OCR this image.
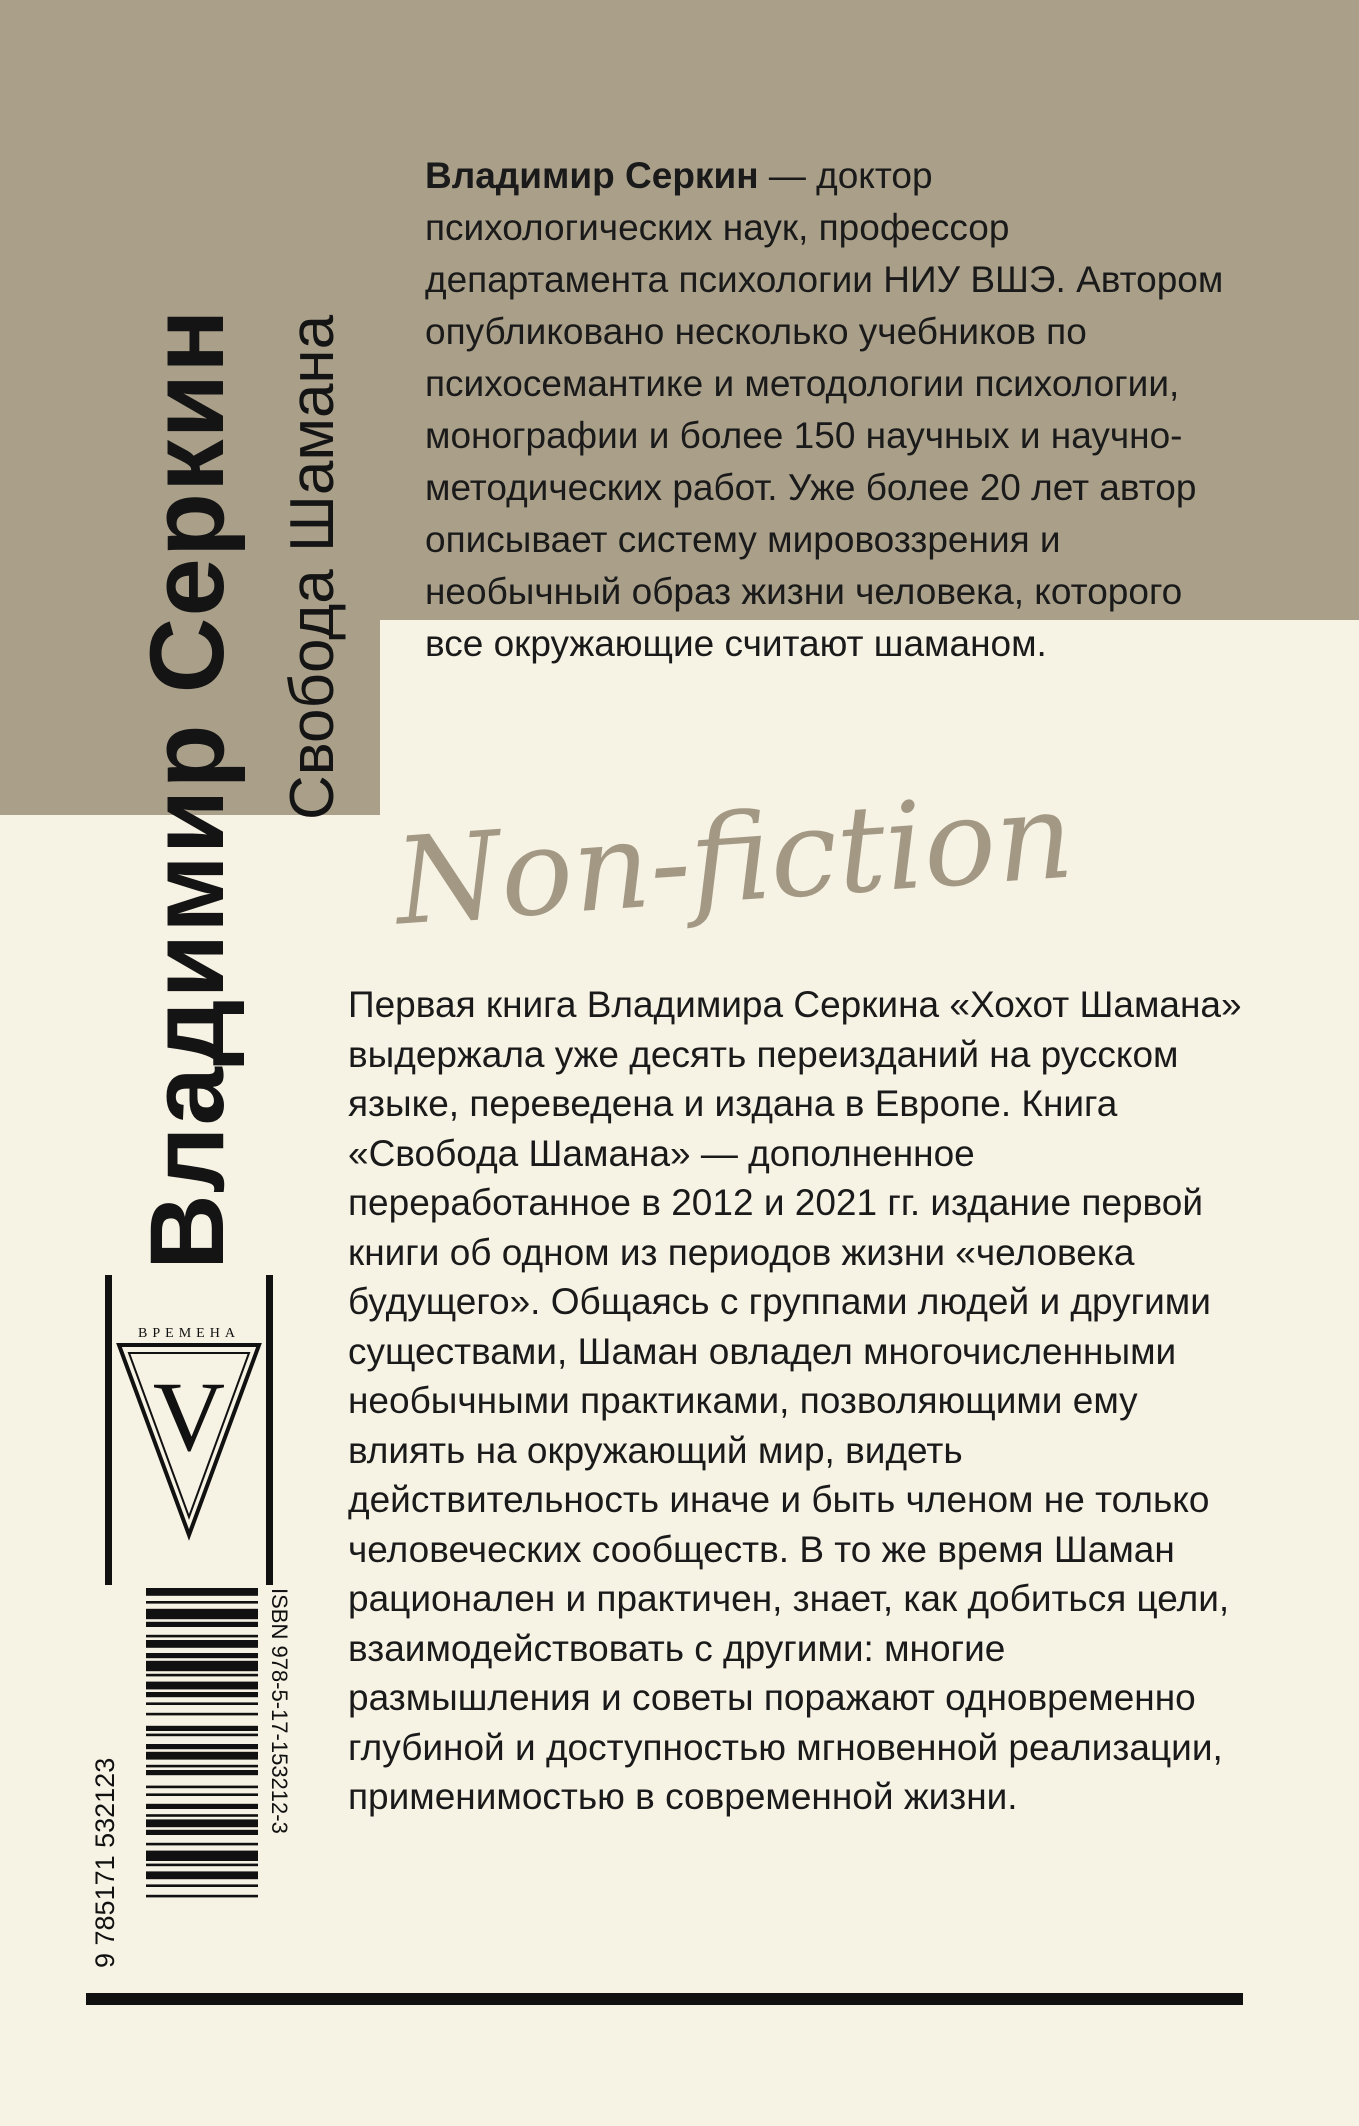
Владимир Серкин Свобода Шамана
Владимир Серкин — доктор психологических наук, профессор департамента психологии НИУ ВШЭ. Автором опубликовано несколько учебников по психосемантике и методологии психологии, монографии и более 150 научных и научно-методических работ. Уже более 20 лет автор описывает систему мировоззрения и необычный образ жизни человека, которого все окружающие считают шаманом.
Non-fiction
Первая книга Владимира Серкина «Хохот Шамана» выдержала уже десять переизданий на русском языке, переведена и издана в Европе. Книга «Свобода Шамана» — дополненное переработанное в 2012 и 2021 гг. издание первой книги об одном из периодов жизни «человека будущего». Общаясь с группами людей и другими существами, Шаман овладел многочисленными необычными практиками, позволяющими ему влиять на окружающий мир, видеть действительность иначе и быть членом не только человеческих сообществ. В то же время Шаман рационален и практичен, знает, как добиться цели, взаимодействовать с другими: многие размышления и советы поражают одновременно глубиной и доступностью мгновенной реализации, применимостью в современной жизни.
ВРЕМЕНА
V
ISBN 978-5-17-153212-3
9 785171 532123
